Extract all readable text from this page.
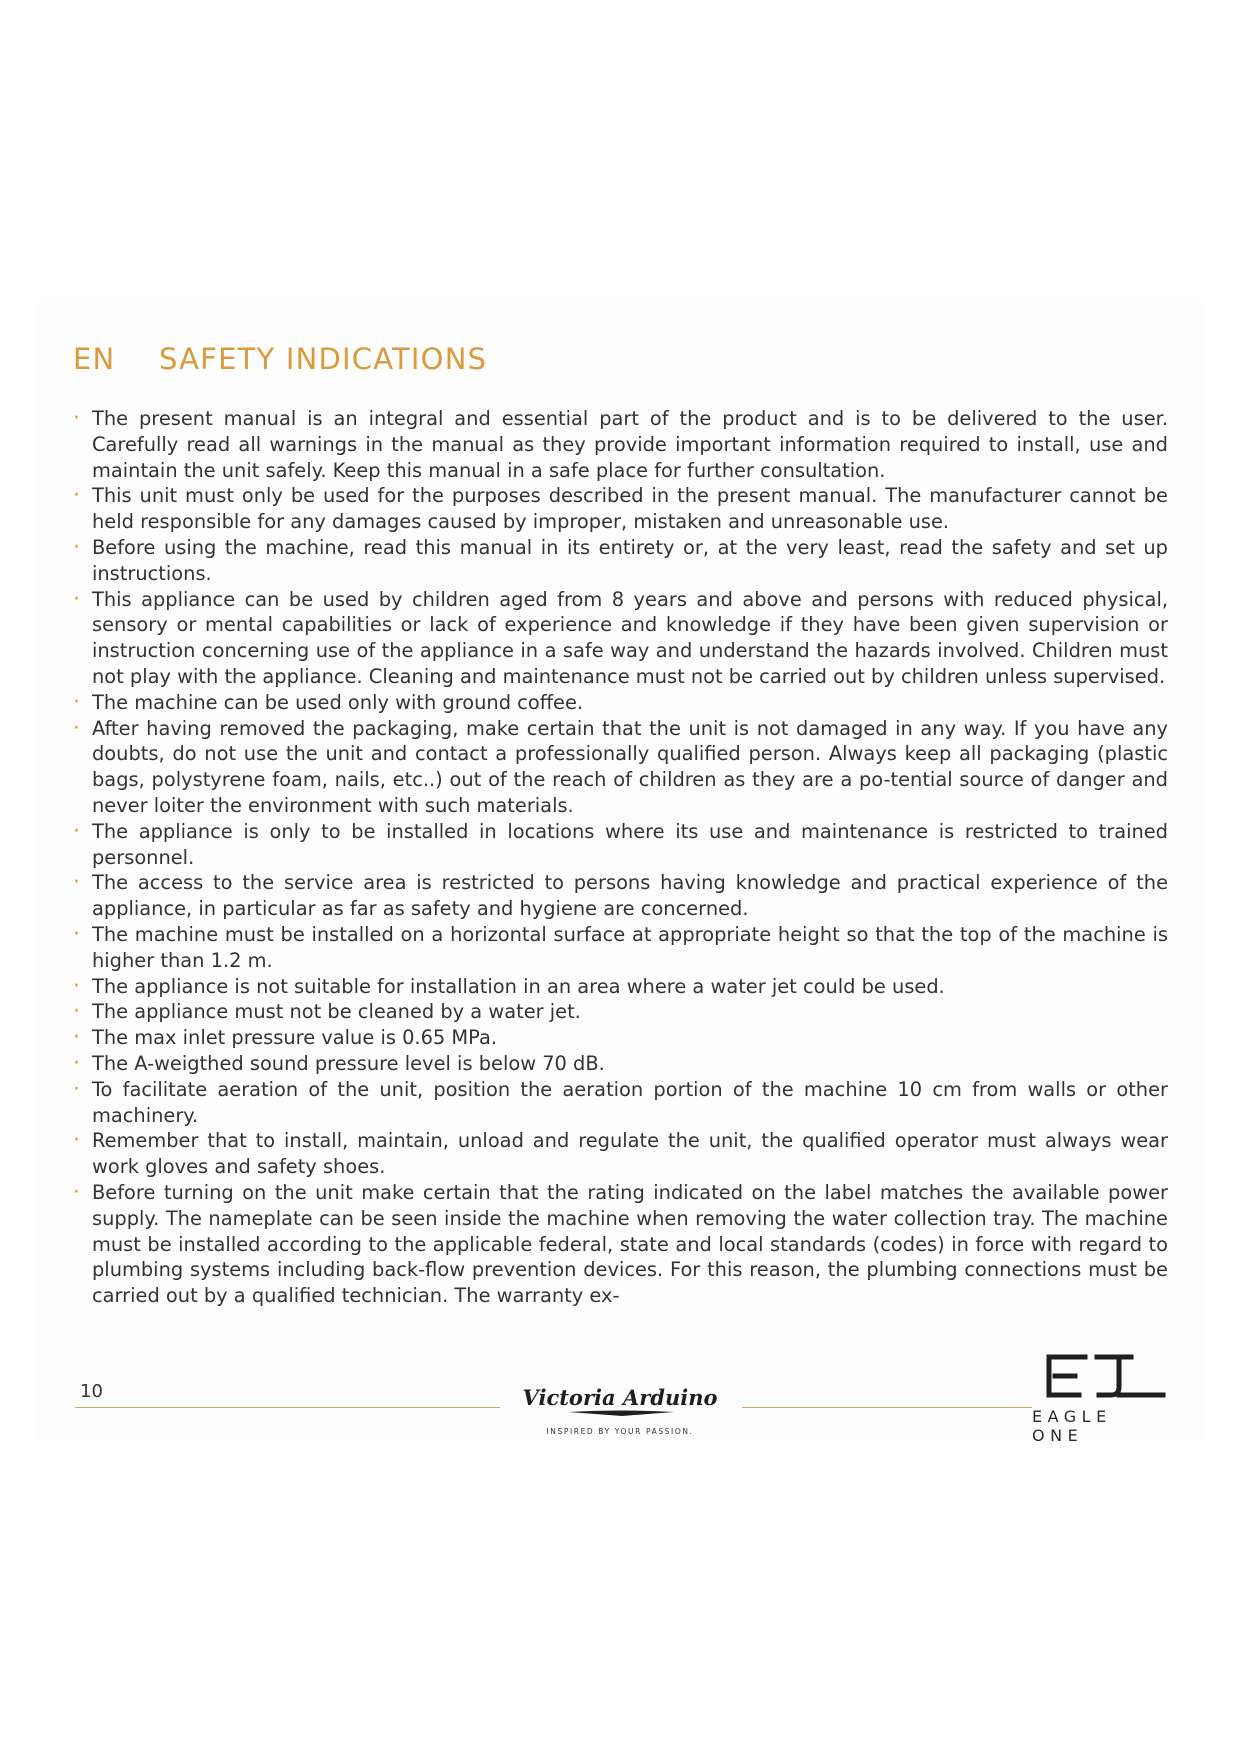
EN SAFETY INDICATIONS
· The present manual is an integral and essential part of the product and is to be delivered to the user. Carefully read all warnings in the manual as they provide important information required to install, use and maintain the unit safely. Keep this manual in a safe place for further consultation.
· This unit must only be used for the purposes described in the present manual. The manufacturer cannot be held responsible for any damages caused by improper, mistaken and unreasonable use.
· Before using the machine, read this manual in its entirety or, at the very least, read the safety and set up instructions.
· This appliance can be used by children aged from 8 years and above and persons with reduced physical, sensory or mental capabilities or lack of experience and knowledge if they have been given supervision or instruction concerning use of the appliance in a safe way and understand the hazards involved. Children must not play with the appliance. Cleaning and maintenance must not be carried out by children unless supervised.
· The machine can be used only with ground coffee.
· After having removed the packaging, make certain that the unit is not damaged in any way. If you have any doubts, do not use the unit and contact a professionally qualified person. Always keep all packaging (plastic bags, polystyrene foam, nails, etc..) out of the reach of children as they are a po-tential source of danger and never loiter the environment with such materials.
· The appliance is only to be installed in locations where its use and maintenance is restricted to trained personnel.
· The access to the service area is restricted to persons having knowledge and practical experience of the appliance, in particular as far as safety and hygiene are concerned.
· The machine must be installed on a horizontal surface at appropriate height so that the top of the machine is higher than 1.2 m.
· The appliance is not suitable for installation in an area where a water jet could be used.
· The appliance must not be cleaned by a water jet.
· The max inlet pressure value is 0.65 MPa.
· The A-weigthed sound pressure level is below 70 dB.
· To facilitate aeration of the unit, position the aeration portion of the machine 10 cm from walls or other machinery.
· Remember that to install, maintain, unload and regulate the unit, the qualified operator must always wear work gloves and safety shoes.
· Before turning on the unit make certain that the rating indicated on the label matches the available power supply. The nameplate can be seen inside the machine when removing the water collection tray. The machine must be installed according to the applicable federal, state and local standards (codes) in force with regard to plumbing systems including back-flow prevention devices. For this reason, the plumbing connections must be carried out by a qualified technician. The warranty ex-
10	Victoria Arduino
INSPIRED BY YOUR PASSION.
EAGLE ONE
